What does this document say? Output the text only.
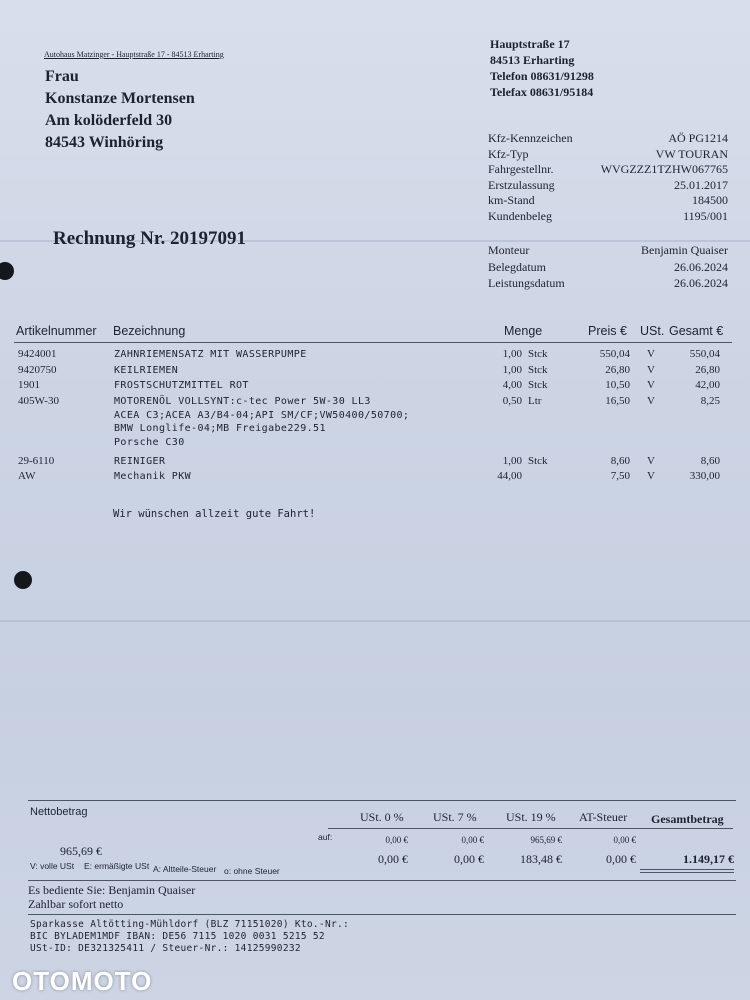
Autohaus Matzinger - Hauptstraße 17 - 84513 Erharting
Frau
Konstanze Mortensen
Am kolöderfeld 30
84543 Winhöring
Hauptstraße 17
84513 Erharting
Telefon 08631/91298
Telefax 08631/95184
Kfz-Kennzeichen	AÖ PG1214
Kfz-Typ	VW TOURAN
Fahrgestellnr.	WVGZZZ1TZHW067765
Erstzulassung	25.01.2017
km-Stand	184500
Kundenbeleg	1195/001
Rechnung Nr. 20197091
Monteur	Benjamin Quaiser
Belegdatum	26.06.2024
Leistungsdatum	26.06.2024
Artikelnummer Bezeichnung	Menge	Preis € USt. Gesamt €
9424001	ZAHNRIEMENSATZ MIT WASSERPUMPE	1,00 Stck	550,04 V	550,04
9420750	KEILRIEMEN	1,00 Stck	26,80 V	26,80
1901	FROSTSCHUTZMITTEL ROT	4,00 Stck	10,50 V	42,00
405W-30	MOTORENÖL VOLLSYNT:c-tec Power 5W-30 LL3	0,50 Ltr	16,50 V	8,25
ACEA C3;ACEA A3/B4-04;API SM/CF;VW50400/50700;
BMW Longlife-04;MB Freigabe229.51
Porsche C30
29-6110	REINIGER	1,00 Stck	8,60 V	8,60
AW	Mechanik PKW	44,00	7,50 V	330,00
Wir wünschen allzeit gute Fahrt!
Nettobetrag	USt. 0 % USt. 7 % USt. 19 % AT-Steuer Gesamtbetrag
auf:	0,00 €	0,00 €	965,69 €	0,00 €
965,69 €
0,00 €	0,00 €	183,48 €	0,00 €	1.149,17 €
V: volle USt E: ermäßigte USt A: Altteile-Steuer o: ohne Steuer
Es bediente Sie: Benjamin Quaiser
Zahlbar sofort netto
Sparkasse Altötting-Mühldorf (BLZ 71151020) Kto.-Nr.:
BIC BYLADEM1MDF IBAN: DE56 7115 1020 0031 5215 52
USt-ID: DE321325411 / Steuer-Nr.: 14125990232
OTOMOTO
